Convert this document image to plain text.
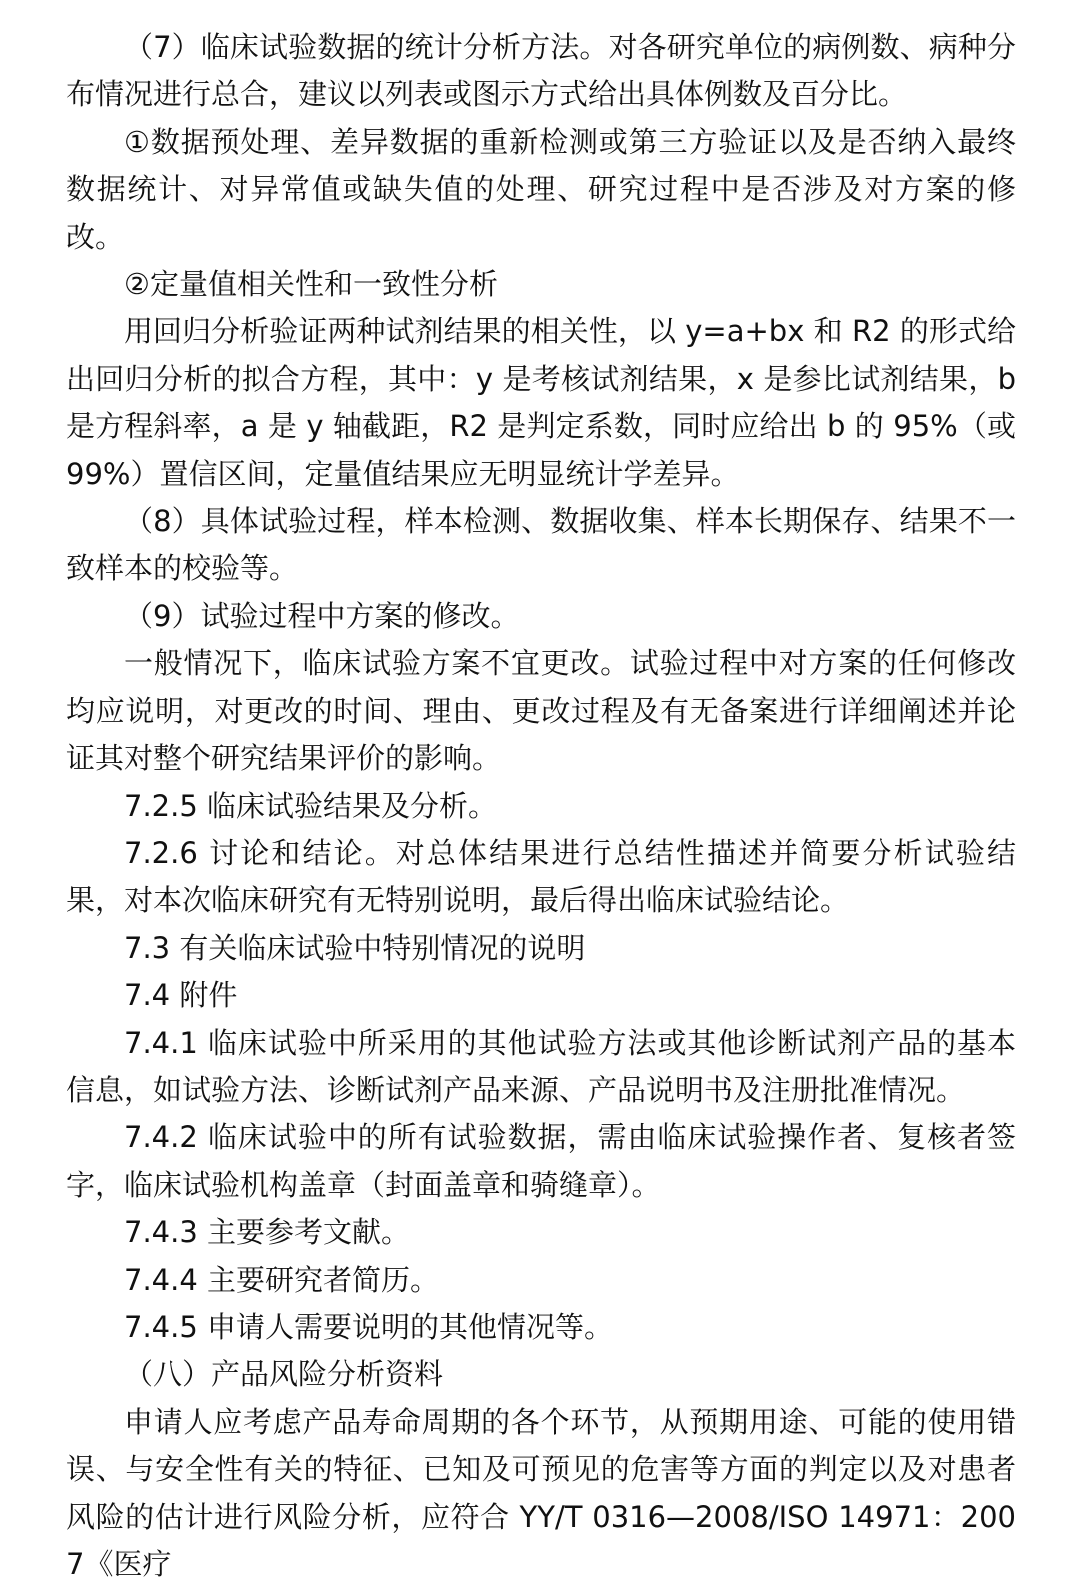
（7）临床试验数据的统计分析方法。对各研究单位的病例数、病种分布情况进行总合，建议以列表或图示方式给出具体例数及百分比。

①数据预处理、差异数据的重新检测或第三方验证以及是否纳入最终数据统计、对异常值或缺失值的处理、研究过程中是否涉及对方案的修改。

②定量值相关性和一致性分析

用回归分析验证两种试剂结果的相关性，以 y=a+bx 和 R2 的形式给出回归分析的拟合方程，其中：y 是考核试剂结果，x 是参比试剂结果，b 是方程斜率，a 是 y 轴截距，R2 是判定系数，同时应给出 b 的 95%（或 99%）置信区间，定量值结果应无明显统计学差异。

（8）具体试验过程，样本检测、数据收集、样本长期保存、结果不一致样本的校验等。

（9）试验过程中方案的修改。

一般情况下，临床试验方案不宜更改。试验过程中对方案的任何修改均应说明，对更改的时间、理由、更改过程及有无备案进行详细阐述并论证其对整个研究结果评价的影响。

7.2.5 临床试验结果及分析。

7.2.6 讨论和结论。对总体结果进行总结性描述并简要分析试验结果，对本次临床研究有无特别说明，最后得出临床试验结论。

7.3 有关临床试验中特别情况的说明

7.4 附件

7.4.1 临床试验中所采用的其他试验方法或其他诊断试剂产品的基本信息，如试验方法、诊断试剂产品来源、产品说明书及注册批准情况。

7.4.2 临床试验中的所有试验数据，需由临床试验操作者、复核者签字，临床试验机构盖章（封面盖章和骑缝章）。

7.4.3 主要参考文献。

7.4.4 主要研究者简历。

7.4.5 申请人需要说明的其他情况等。

（八）产品风险分析资料

申请人应考虑产品寿命周期的各个环节，从预期用途、可能的使用错误、与安全性有关的特征、已知及可预见的危害等方面的判定以及对患者风险的估计进行风险分析，应符合 YY/T 0316—2008/ISO 14971：2007《医疗
